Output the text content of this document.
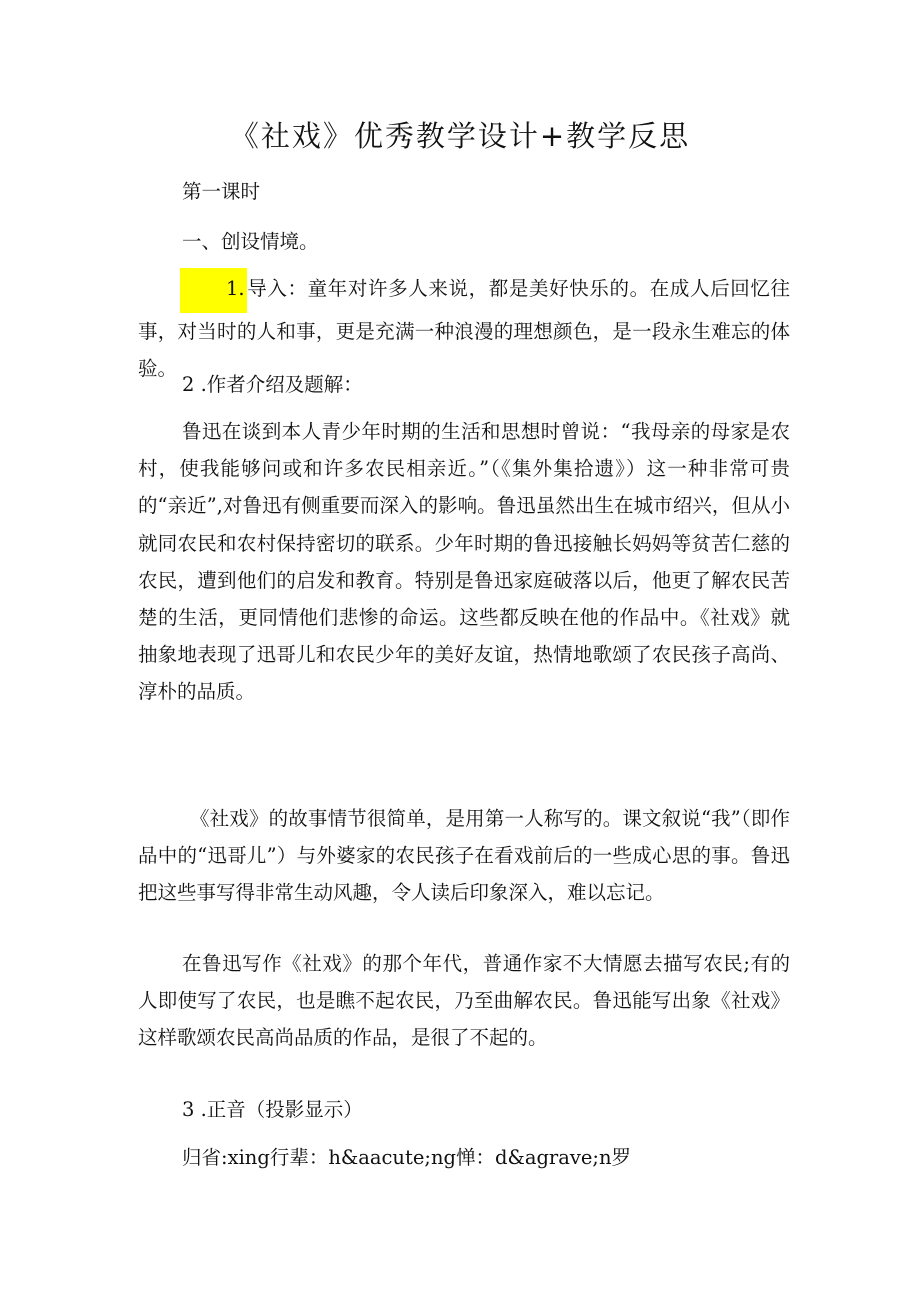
《社戏》优秀教学设计+教学反思
第一课时
一、创设情境。
1. 导入：童年对许多人来说，都是美好快乐的。在成人后回忆往事，对当时的人和事，更是充满一种浪漫的理想颜色，是一段永生难忘的体验。
2 .作者介绍及题解：
鲁迅在谈到本人青少年时期的生活和思想时曾说：“我母亲的母家是农村，使我能够问或和许多农民相亲近。”（《集外集拾遗》）这一种非常可贵的“亲近”,对鲁迅有侧重要而深入的影响。鲁迅虽然出生在城市绍兴，但从小就同农民和农村保持密切的联系。少年时期的鲁迅接触长妈妈等贫苦仁慈的农民，遭到他们的启发和教育。特别是鲁迅家庭破落以后，他更了解农民苦楚的生活，更同情他们悲惨的命运。这些都反映在他的作品中。《社戏》就抽象地表现了迅哥儿和农民少年的美好友谊，热情地歌颂了农民孩子高尚、淳朴的品质。
《社戏》的故事情节很简单，是用第一人称写的。课文叙说“我”（即作品中的“迅哥儿”）与外婆家的农民孩子在看戏前后的一些成心思的事。鲁迅把这些事写得非常生动风趣，令人读后印象深入，难以忘记。
在鲁迅写作《社戏》的那个年代，普通作家不大情愿去描写农民;有的人即使写了农民，也是瞧不起农民，乃至曲解农民。鲁迅能写出象《社戏》这样歌颂农民高尚品质的作品，是很了不起的。
3 .正音（投影显示）
归省:xing行辈：h&aacute;ng惮：d&agrave;n罗
